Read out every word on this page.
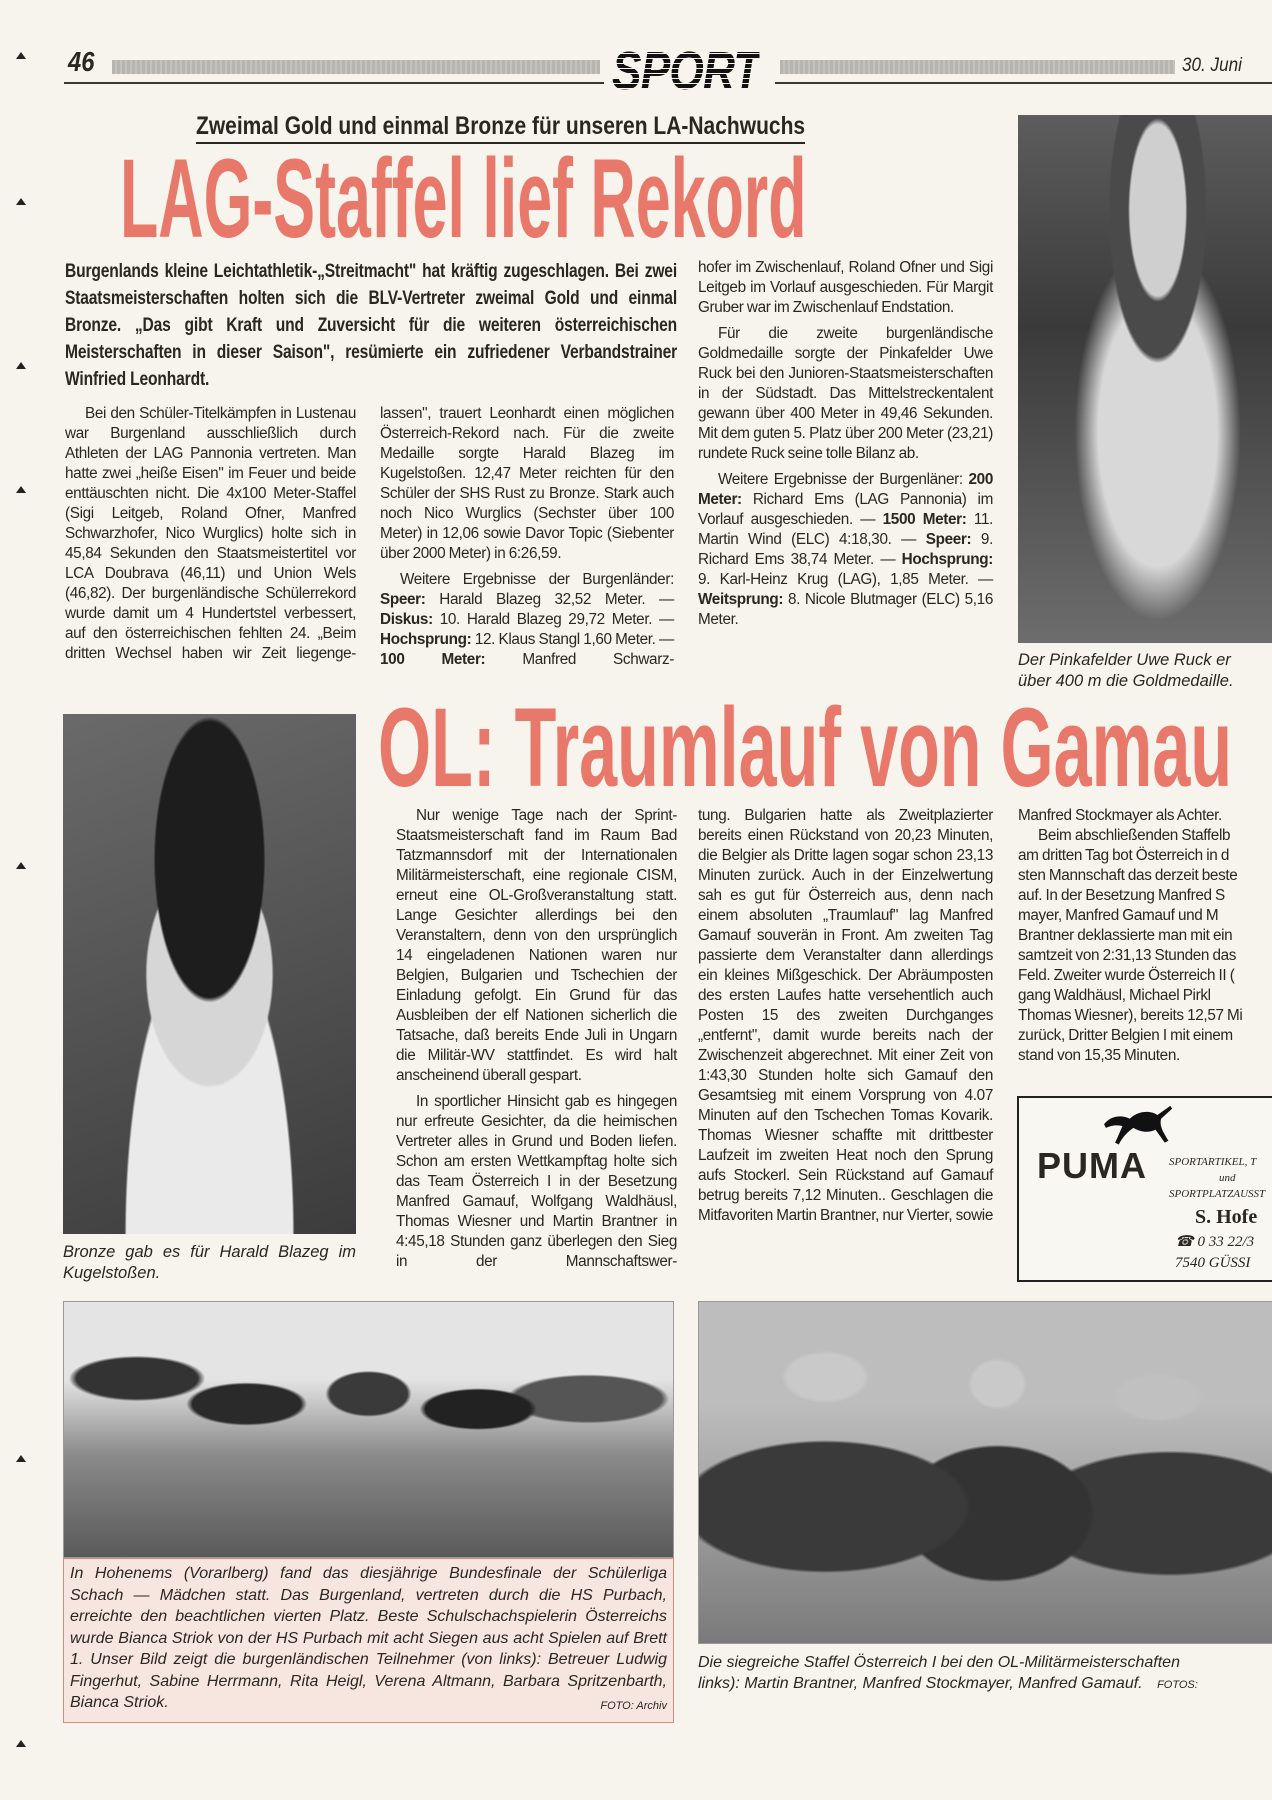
46	SPORT	30. Juni
Zweimal Gold und einmal Bronze für unseren LA-Nachwuchs
LAG-Staffel lief Rekord
Burgenlands kleine Leichtathletik-„Streitmacht" hat kräftig zugeschlagen. Bei zwei Staatsmeisterschaften holten sich die BLV-Vertreter zweimal Gold und einmal Bronze. „Das gibt Kraft und Zuversicht für die weiteren österreichischen Meisterschaften in dieser Saison", resümierte ein zufriedener Verbandstrainer Winfried Leonhardt.

Bei den Schüler-Titelkämpfen in Lustenau war Burgenland ausschließlich durch Athleten der LAG Pannonia vertreten. Man hatte zwei „heiße Eisen" im Feuer und beide enttäuschten nicht. Die 4x100 Meter-Staffel (Sigi Leitgeb, Roland Ofner, Manfred Schwarzhofer, Nico Wurglics) holte sich in 45,84 Sekunden den Staatsmeistertitel vor LCA Doubrava (46,11) und Union Wels (46,82). Der burgenländische Schülerrekord wurde damit um 4 Hundertstel verbessert, auf den österreichischen fehlten 24. „Beim dritten Wechsel haben wir Zeit liegenge-

lassen", trauert Leonhardt einen möglichen Österreich-Rekord nach. Für die zweite Medaille sorgte Harald Blazeg im Kugelstoßen. 12,47 Meter reichten für den Schüler der SHS Rust zu Bronze. Stark auch noch Nico Wurglics (Sechster über 100 Meter) in 12,06 sowie Davor Topic (Siebenter über 2000 Meter) in 6:26,59.

Weitere Ergebnisse der Burgenländer: Speer: Harald Blazeg 32,52 Meter. — Diskus: 10. Harald Blazeg 29,72 Meter. — Hochsprung: 12. Klaus Stangl 1,60 Meter. — 100 Meter: Manfred Schwarz-

hofer im Zwischenlauf, Roland Ofner und Sigi Leitgeb im Vorlauf ausgeschieden. Für Margit Gruber war im Zwischenlauf Endstation.

Für die zweite burgenländische Goldmedaille sorgte der Pinkafelder Uwe Ruck bei den Junioren-Staatsmeisterschaften in der Südstadt. Das Mittelstreckentalent gewann über 400 Meter in 49,46 Sekunden. Mit dem guten 5. Platz über 200 Meter (23,21) rundete Ruck seine tolle Bilanz ab.

Weitere Ergebnisse der Burgenläner: 200 Meter: Richard Ems (LAG Pannonia) im Vorlauf ausgeschieden. — 1500 Meter: 11. Martin Wind (ELC) 4:18,30. — Speer: 9. Richard Ems 38,74 Meter. — Hochsprung: 9. Karl-Heinz Krug (LAG), 1,85 Meter. — Weitsprung: 8. Nicole Blutmager (ELC) 5,16 Meter.

Der Pinkafelder Uwe Ruck er
über 400 m die Goldmedaille.
Bronze gab es für Harald Blazeg im Kugelstoßen.
OL: Traumlauf von Gamau

Nur wenige Tage nach der Sprint-Staatsmeisterschaft fand im Raum Bad Tatzmannsdorf mit der Internationalen Militärmeisterschaft, eine regionale CISM, erneut eine OL-Großveranstaltung statt. Lange Gesichter allerdings bei den Veranstaltern, denn von den ursprünglich 14 eingeladenen Nationen waren nur Belgien, Bulgarien und Tschechien der Einladung gefolgt. Ein Grund für das Ausbleiben der elf Nationen sicherlich die Tatsache, daß bereits Ende Juli in Ungarn die Militär-WV stattfindet. Es wird halt anscheinend überall gespart.

In sportlicher Hinsicht gab es hingegen nur erfreute Gesichter, da die heimischen Vertreter alles in Grund und Boden liefen. Schon am ersten Wettkampftag holte sich das Team Österreich I in der Besetzung Manfred Gamauf, Wolfgang Waldhäusl, Thomas Wiesner und Martin Brantner in 4:45,18 Stunden ganz überlegen den Sieg in der Mannschaftswer-

tung. Bulgarien hatte als Zweitplazierter bereits einen Rückstand von 20,23 Minuten, die Belgier als Dritte lagen sogar schon 23,13 Minuten zurück. Auch in der Einzelwertung sah es gut für Österreich aus, denn nach einem absoluten „Traumlauf" lag Manfred Gamauf souverän in Front. Am zweiten Tag passierte dem Veranstalter dann allerdings ein kleines Mißgeschick. Der Abräumposten des ersten Laufes hatte versehentlich auch Posten 15 des zweiten Durchganges „entfernt", damit wurde bereits nach der Zwischenzeit abgerechnet. Mit einer Zeit von 1:43,30 Stunden holte sich Gamauf den Gesamtsieg mit einem Vorsprung von 4.07 Minuten auf den Tschechen Tomas Kovarik. Thomas Wiesner schaffte mit drittbester Laufzeit im zweiten Heat noch den Sprung aufs Stockerl. Sein Rückstand auf Gamauf betrug bereits 7,12 Minuten.. Geschlagen die Mitfavoriten Martin Brantner, nur Vierter, sowie

Manfred Stockmayer als Achter.
Beim abschließenden Staffelb
am dritten Tag bot Österreich in d
sten Mannschaft das derzeit beste
auf. In der Besetzung Manfred S
mayer, Manfred Gamauf und M
Brantner deklassierte man mit ein
samtzeit von 2:31,13 Stunden das
Feld. Zweiter wurde Österreich II (
gang Waldhäusl, Michael Pirkl
Thomas Wiesner), bereits 12,57 Mi
zurück, Dritter Belgien I mit einem
stand von 15,35 Minuten.
PUMA SPORTARTIKEL, T
und
SPORTPLATZAUSST
S. Hofe
☎ 0 33 22/3
7540 GÜSSI
In Hohenems (Vorarlberg) fand das diesjährige Bundesfinale der Schülerliga Schach — Mädchen statt. Das Burgenland, vertreten durch die HS Purbach, erreichte den beachtlichen vierten Platz. Beste Schulschachspielerin Österreichs wurde Bianca Striok von der HS Purbach mit acht Siegen aus acht Spielen auf Brett 1. Unser Bild zeigt die burgenländischen Teilnehmer (von links): Betreuer Ludwig Fingerhut, Sabine Herrmann, Rita Heigl, Verena Altmann, Barbara Spritzenbarth, Bianca Striok.	FOTO: Archiv
Die siegreiche Staffel Österreich I bei den OL-Militärmeisterschaften
links): Martin Brantner, Manfred Stockmayer, Manfred Gamauf. FOTOS:
